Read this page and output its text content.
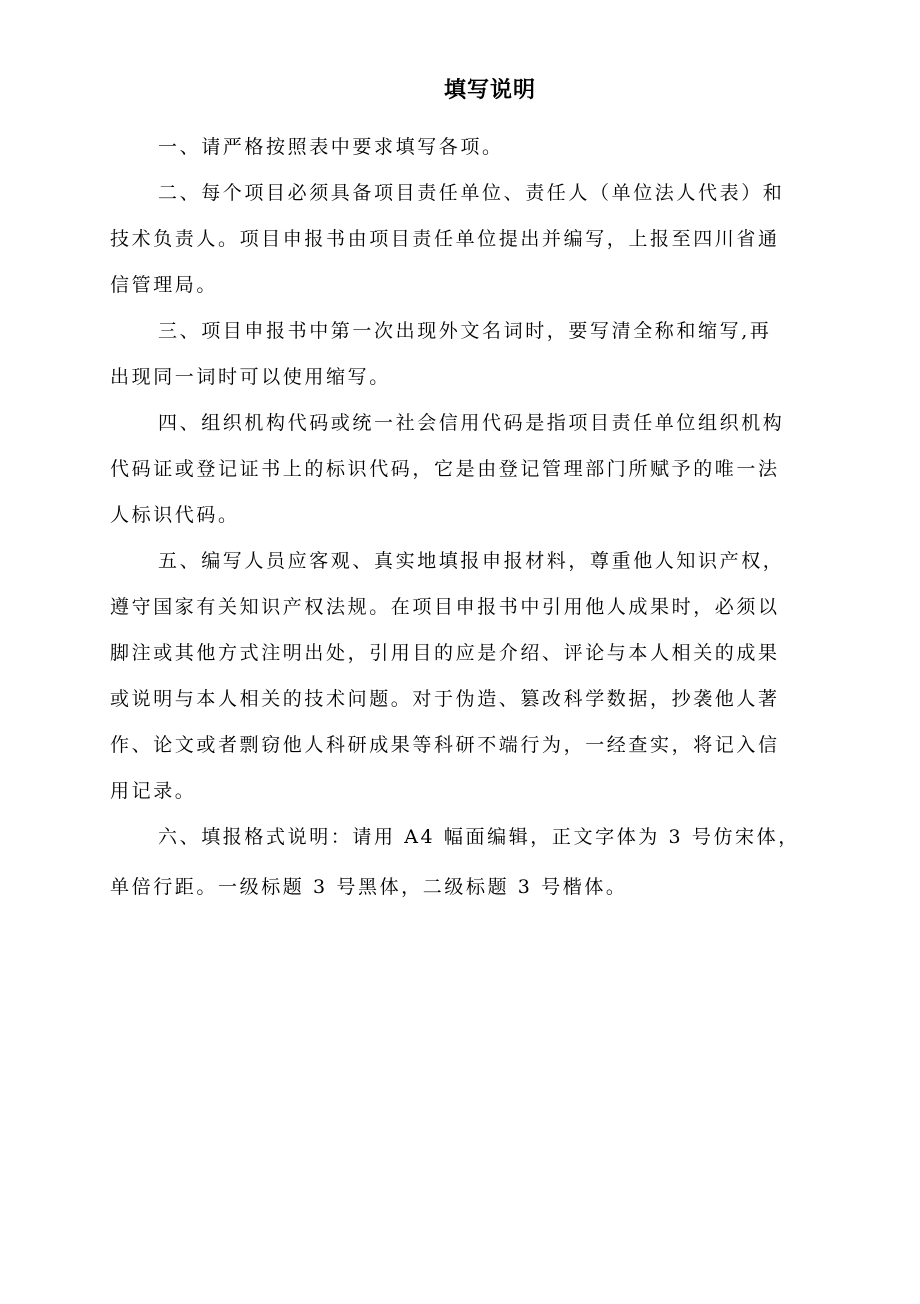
填写说明

一、请严格按照表中要求填写各项。

二、每个项目必须具备项目责任单位、责任人（单位法人代表）和
技术负责人。项目申报书由项目责任单位提出并编写，上报至四川省通
信管理局。

三、项目申报书中第一次出现外文名词时，要写清全称和缩写,再
出现同一词时可以使用缩写。

四、组织机构代码或统一社会信用代码是指项目责任单位组织机构
代码证或登记证书上的标识代码，它是由登记管理部门所赋予的唯一法
人标识代码。

五、编写人员应客观、真实地填报申报材料，尊重他人知识产权，
遵守国家有关知识产权法规。在项目申报书中引用他人成果时，必须以
脚注或其他方式注明出处，引用目的应是介绍、评论与本人相关的成果
或说明与本人相关的技术问题。对于伪造、篡改科学数据，抄袭他人著
作、论文或者剽窃他人科研成果等科研不端行为，一经查实，将记入信
用记录。

六、填报格式说明：请用 A4 幅面编辑，正文字体为 3 号仿宋体，
单倍行距。一级标题 3 号黑体，二级标题 3 号楷体。
